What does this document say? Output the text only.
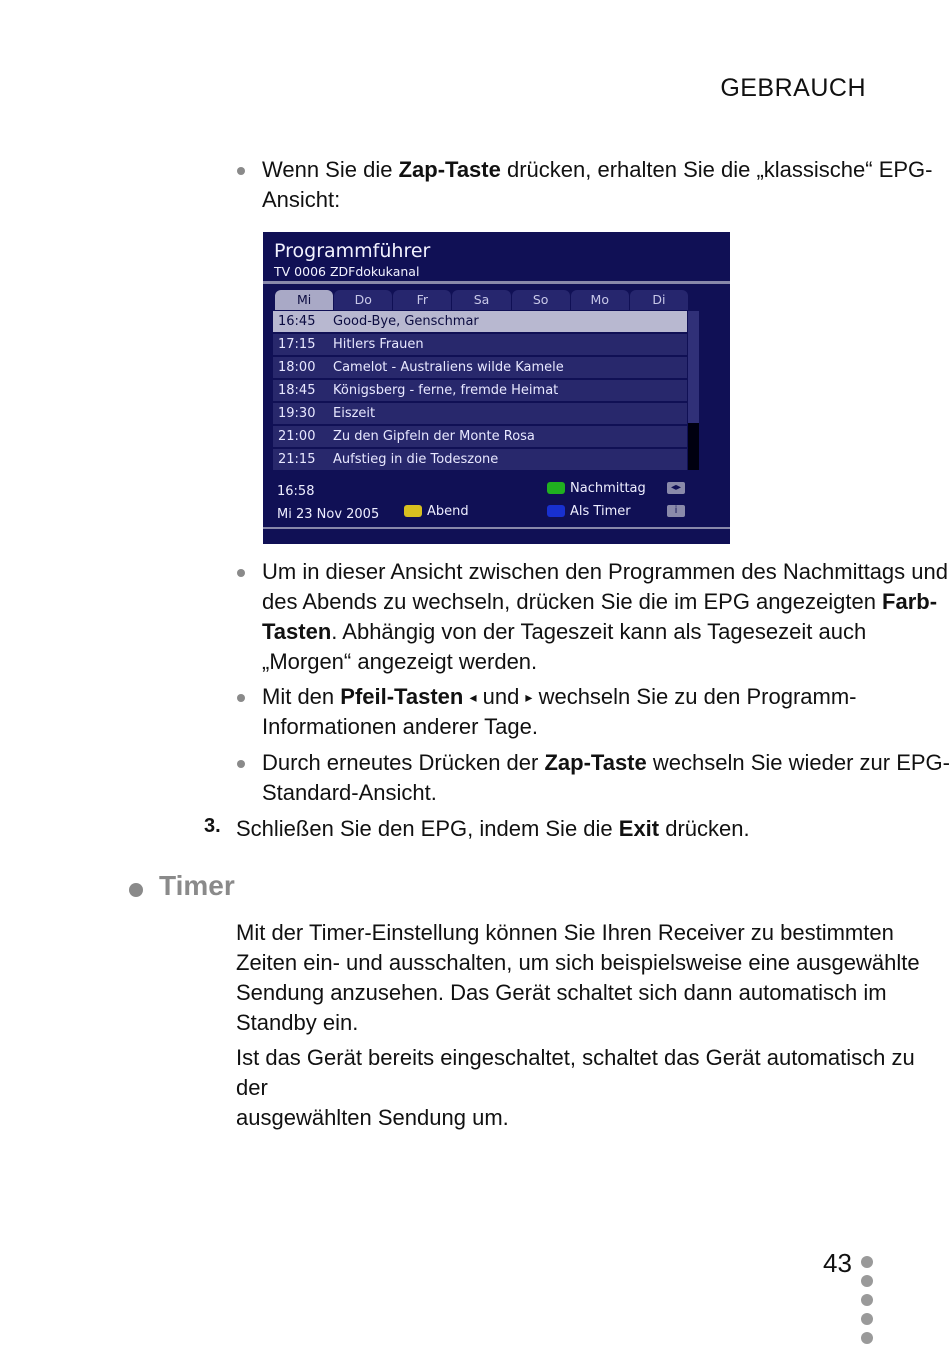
GEBRAUCH
Wenn Sie die Zap-Taste drücken, erhalten Sie die „klassische“ EPG-
Ansicht:
Programmführer
TV 0006 ZDFdokukanal
Mi	Do	Fr	Sa	So	Mo	Di
16:45	Good-Bye, Genschmar
17:15	Hitlers Frauen
18:00	Camelot - Australiens wilde Kamele
18:45	Königsberg - ferne, fremde Heimat
19:30	Eiszeit
21:00	Zu den Gipfeln der Monte Rosa
21:15	Aufstieg in die Todeszone
16:58
Mi 23 Nov 2005	Abend
Nachmittag
Als Timer
◂▸
i
Um in dieser Ansicht zwischen den Programmen des Nachmittags und
des Abends zu wechseln, drücken Sie die im EPG angezeigten Farb-
Tasten. Abhängig von der Tageszeit kann als Tagesezeit auch
„Morgen“ angezeigt werden.
Mit den Pfeil-Tasten ◂ und ▸ wechseln Sie zu den Programm-
Informationen anderer Tage.
Durch erneutes Drücken der Zap-Taste wechseln Sie wieder zur EPG-
Standard-Ansicht.
3. Schließen Sie den EPG, indem Sie die Exit drücken.
Timer
Mit der Timer-Einstellung können Sie Ihren Receiver zu bestimmten
Zeiten ein- und ausschalten, um sich beispielsweise eine ausgewählte
Sendung anzusehen. Das Gerät schaltet sich dann automatisch im
Standby ein.
Ist das Gerät bereits eingeschaltet, schaltet das Gerät automatisch zu der
ausgewählten Sendung um.
43
